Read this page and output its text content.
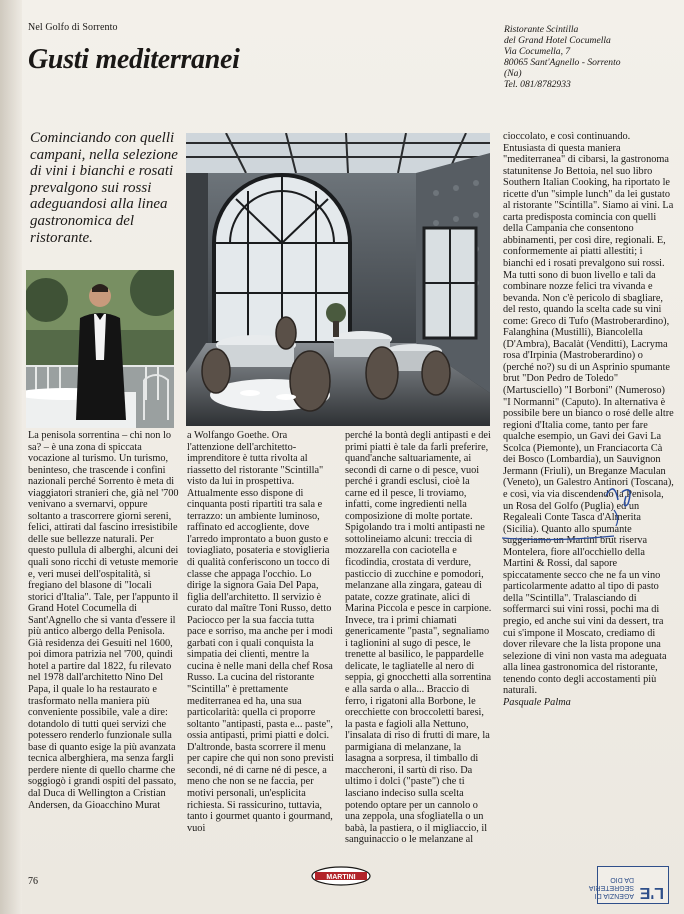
Nel Golfo di Sorrento
Gusti mediterranei
Ristorante Scintilla
del Grand Hotel Cocumella
Via Cocumella, 7
80065 Sant'Agnello - Sorrento
(Na)
Tel. 081/8782933
Cominciando con quelli campani, nella selezione di vini i bianchi e rosati prevalgono sui rossi adeguandosi alla linea gastronomica del ristorante.
La penisola sorrentina – chi non lo sa? – è una zona di spiccata vocazione al turismo. Un turismo, beninteso, che trascende i confini nazionali perché Sorrento è meta di viaggiatori stranieri che, già nel '700 venivano a svernarvi, oppure soltanto a trascorrere giorni sereni, felici, attirati dal fascino irresistibile delle sue bellezze naturali. Per questo pullula di alberghi, alcuni dei quali sono ricchi di vetuste memorie e, veri musei dell'ospitalità, si fregiano del blasone di "locali storici d'Italia". Tale, per l'appunto il Grand Hotel Cocumella di Sant'Agnello che si vanta d'essere il più antico albergo della Penisola. Già residenza dei Gesuiti nel 1600, poi dimora patrizia nel '700, quindi hotel a partire dal 1822, fu rilevato nel 1978 dall'architetto Nino Del Papa, il quale lo ha restaurato e trasformato nella maniera più conveniente possibile, vale a dire: dotandolo di tutti quei servizi che potessero renderlo funzionale sulla base di quanto esige la più avanzata tecnica alberghiera, ma senza fargli perdere niente di quello charme che soggiogò i grandi ospiti del passato, dal Duca di Wellington a Cristian Andersen, da Gioacchino Murat
a Wolfango Goethe. Ora l'attenzione dell'architetto-imprenditore è tutta rivolta al riassetto del ristorante "Scintilla" visto da lui in prospettiva. Attualmente esso dispone di cinquanta posti ripartiti tra sala e terrazzo: un ambiente luminoso, raffinato ed accogliente, dove l'arredo improntato a buon gusto e toviagliato, posateria e stoviglieria di qualità conferiscono un tocco di classe che appaga l'occhio. Lo dirige la signora Gaia Del Papa, figlia dell'architetto. Il servizio è curato dal maître Toni Russo, detto Paciocco per la sua faccia tutta pace e sorriso, ma anche per i modi garbati con i quali conquista la simpatia dei clienti, mentre la cucina è nelle mani della chef Rosa Russo. La cucina del ristorante "Scintilla" è prettamente mediterranea ed ha, una sua particolarità: quella ci proporre soltanto "antipasti, pasta e... paste", ossia antipasti, primi piatti e dolci. D'altronde, basta scorrere il menu per capire che qui non sono previsti secondi, né di carne né di pesce, a meno che non se ne faccia, per motivi personali, un'esplicita richiesta. Si rassicurino, tuttavia, tanto i gourmet quanto i gourmand, vuoi
perché la bontà degli antipasti e dei primi piatti è tale da farli preferire, quand'anche saltuariamente, ai secondi di carne o di pesce, vuoi perché i grandi esclusi, cioè la carne ed il pesce, li troviamo, infatti, come ingredienti nella composizione di molte portate. Spigolando tra i molti antipasti ne sottolineiamo alcuni: treccia di mozzarella con caciotella e ficodindia, crostata di verdure, pasticcio di zucchine e pomodori, melanzane alla zingara, gateau di patate, cozze gratinate, alici di Marina Piccola e pesce in carpione. Invece, tra i primi chiamati genericamente "pasta", segnaliamo i taglionini al sugo di pesce, le trenette al basilico, le pappardelle delicate, le tagliatelle al nero di seppia, gi gnocchetti alla sorrentina e alla sarda o alla... Braccio di ferro, i rigatoni alla Borbone, le orecchiette con broccoletti baresi, la pasta e fagioli alla Nettuno, l'insalata di riso di frutti di mare, la parmigiana di melanzane, la lasagna a sorpresa, il timballo di maccheroni, il sartù di riso. Da ultimo i dolci ("paste") che ti lasciano indeciso sulla scelta potendo optare per un cannolo o una zeppola, una sfogliatella o un babà, la pastiera, o il migliaccio, il sanguinaccio o le melanzane al

cioccolato, e così continuando. Entusiasta di questa maniera "mediterranea" di cibarsi, la gastronoma statunitense Jo Bettoia, nel suo libro Southern Italian Cooking, ha riportato le ricette d'un "simple lunch" da lei gustato al ristorante "Scintilla". Siamo ai vini. La carta predisposta comincia con quelli della Campania che consentono abbinamenti, per così dire, regionali. E, conformemente ai piatti allestiti; i bianchi ed i rosati prevalgono sui rossi. Ma tutti sono di buon livello e tali da combinare nozze felici tra vivanda e bevanda. Non c'è pericolo di sbagliare, del resto, quando la scelta cade su vini come: Greco di Tufo (Mastroberardino), Falanghina (Mustilli), Biancolella (D'Ambra), Bacalàt (Venditti), Lacryma rosa d'Irpinia (Mastroberardino) o (perché no?) su di un Asprinio spumante brut "Don Pedro de Toledo" (Martusciello) "I Borboni" (Numeroso) "I Normanni" (Caputo). In alternativa è possibile bere un bianco o rosé delle altre regioni d'Italia come, tanto per fare qualche esempio, un Gavi dei Gavi La Scolca (Piemonte), un Franciacorta Cà dei Bosco (Lombardia), un Sauvignon Jermann (Friuli), un Breganze Maculan (Veneto), un Galestro Antinori (Toscana), e così, via via discendendo la Penisola, un Rosa del Golfo (Puglia) ed un Regaleali Conte Tasca d'Almerita (Sicilia). Quanto allo spumante suggeriamo un Martini brut riserva Montelera, fiore all'occhiello della Martini & Rossi, dal sapore spiccatamente secco che ne fa un vino particolarmente adatto al tipo di pasto della "Scintilla". Tralasciando di soffermarci sui vini rossi, pochi ma di pregio, ed anche sui vini da dessert, tra cui s'impone il Moscato, crediamo di dover rilevare che la lista propone una selezione di vini non vasta ma adeguata alla linea gastronomica del ristorante, tenendo conto degli accostamenti più naturali.

Pasquale Palma

76	MARTINI
L'E
AGENZIA DI SEGRETERIA DA DIO
